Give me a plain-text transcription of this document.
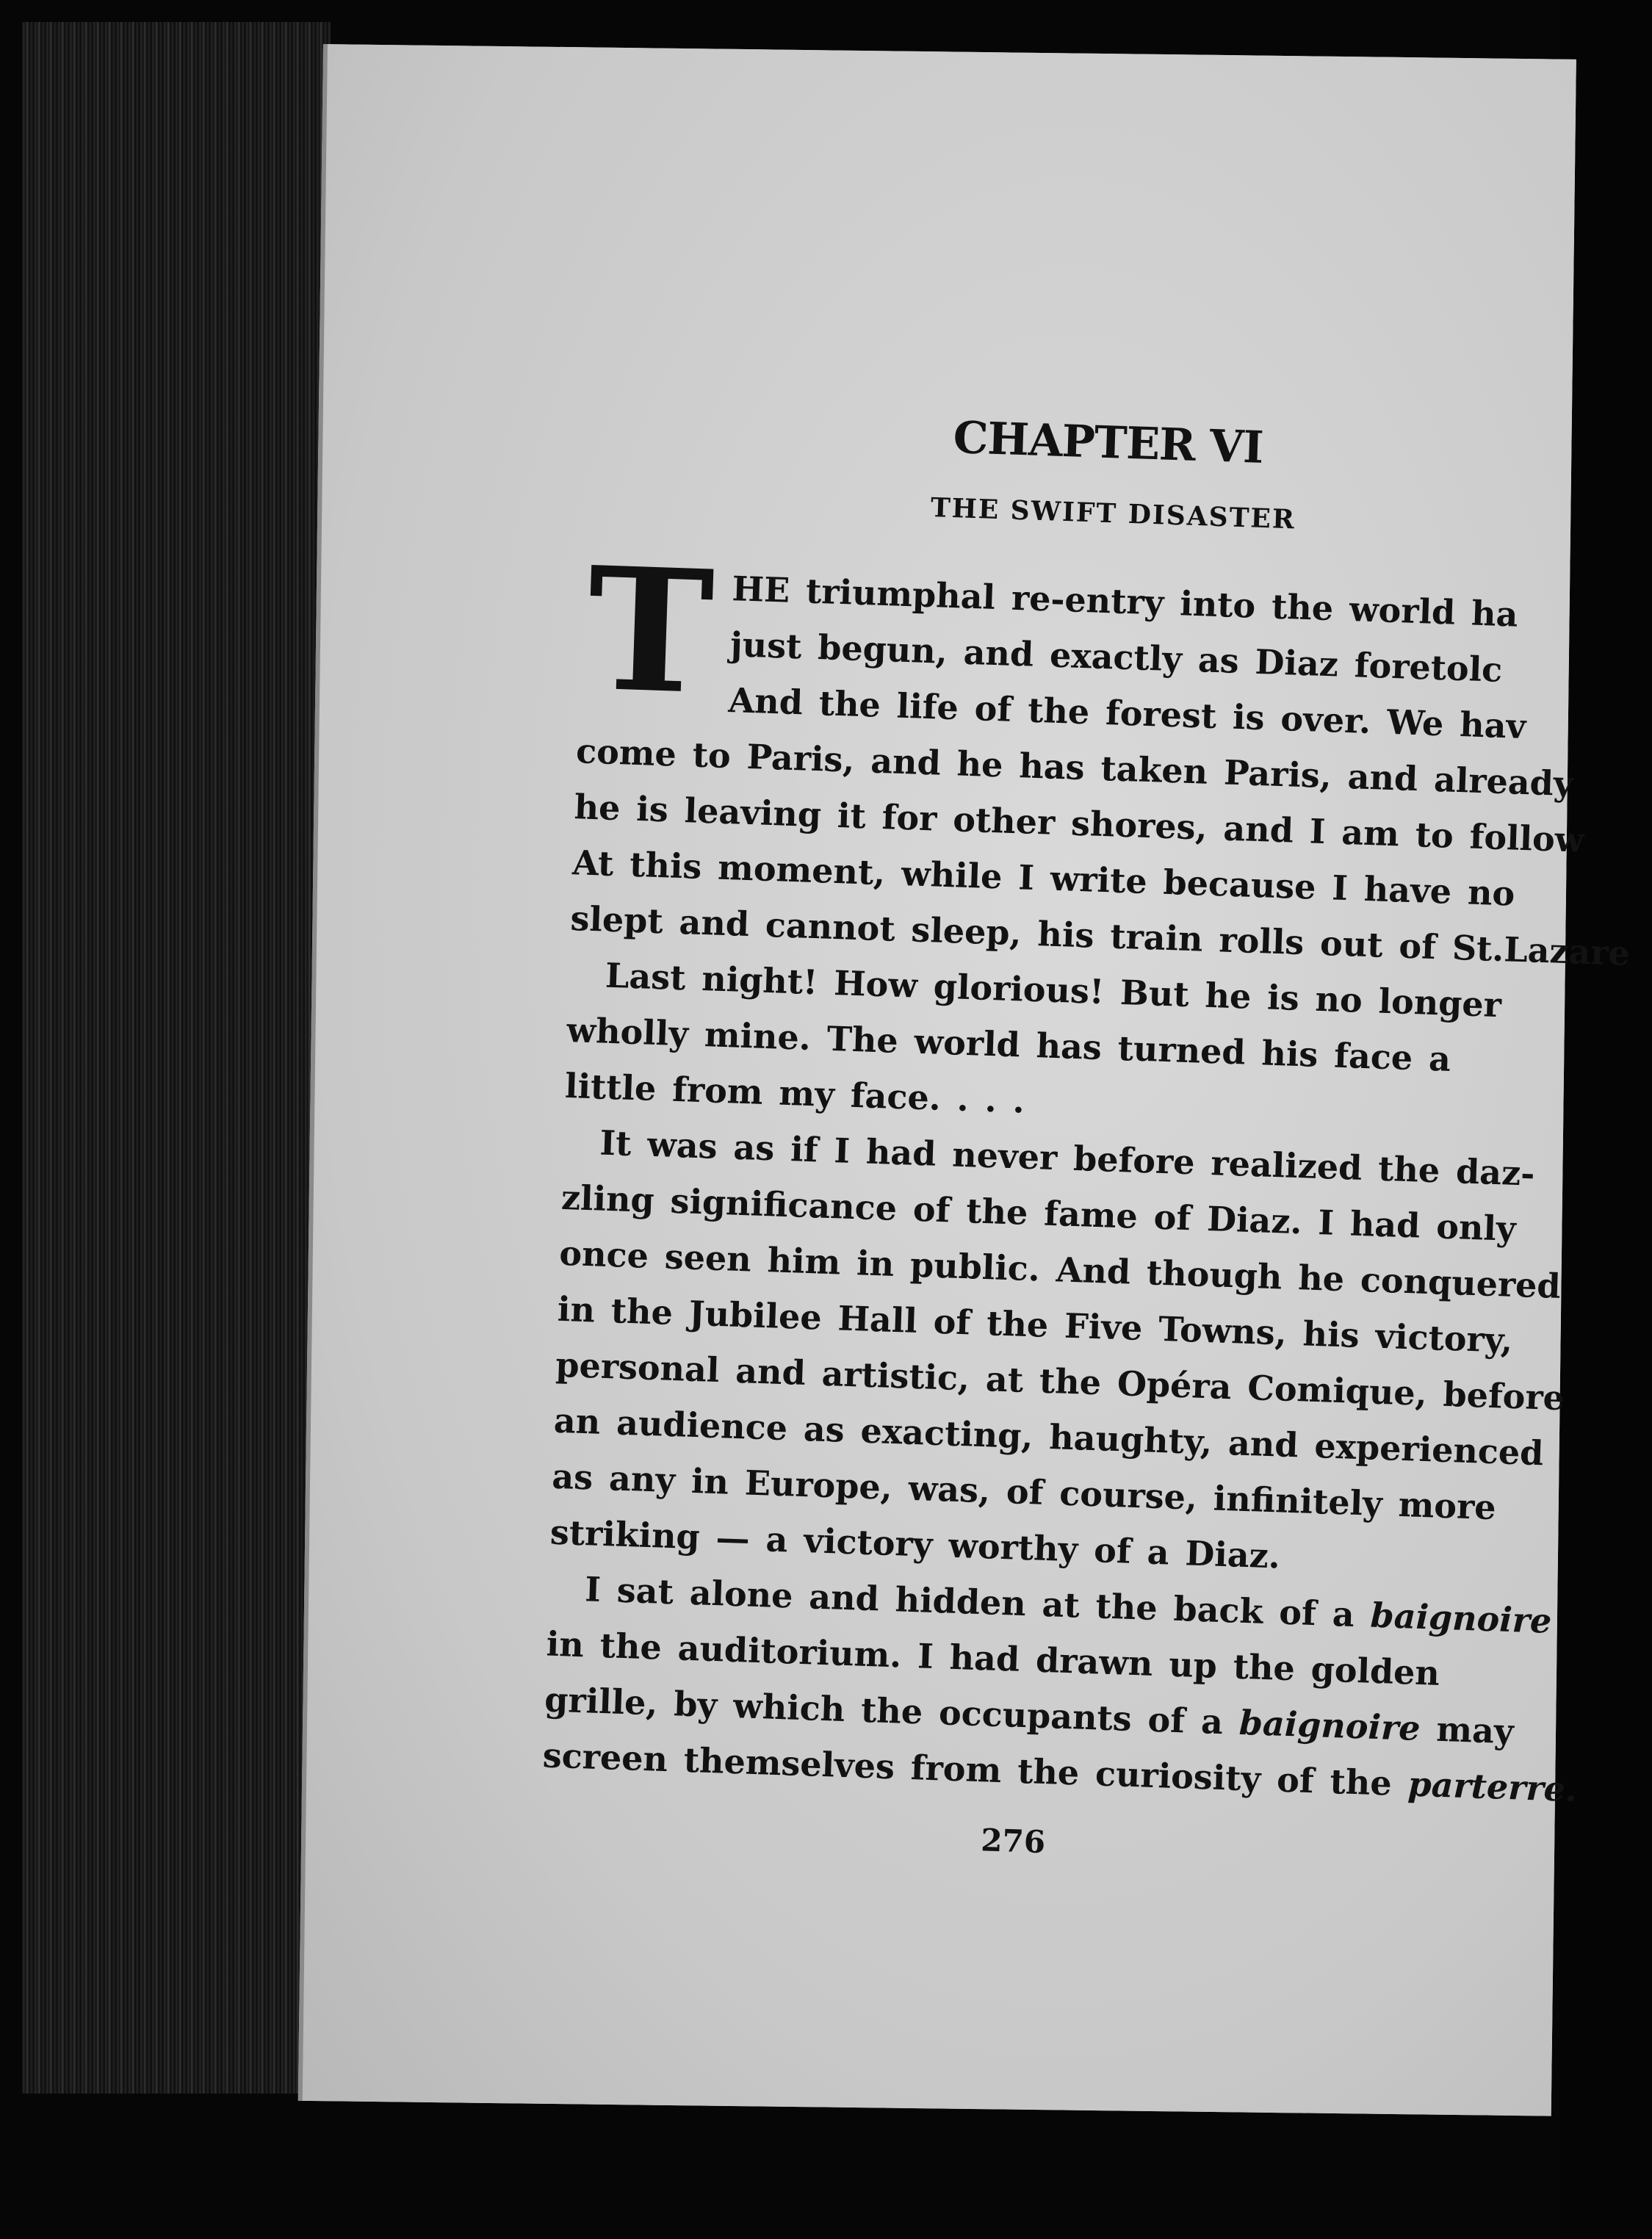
CHAPTER VI
THE SWIFT DISASTER
T HE triumphal re-entry into the world ha
just begun, and exactly as Diaz foretolc
And the life of the forest is over. We hav
come to Paris, and he has taken Paris, and already
he is leaving it for other shores, and I am to follow
At this moment, while I write because I have no
slept and cannot sleep, his train rolls out of St.Lazare
Last night! How glorious! But he is no longer
wholly mine. The world has turned his face a
little from my face. . . .
It was as if I had never before realized the daz-
zling significance of the fame of Diaz. I had only
once seen him in public. And though he conquered
in the Jubilee Hall of the Five Towns, his victory,
personal and artistic, at the Opéra Comique, before
an audience as exacting, haughty, and experienced
as any in Europe, was, of course, infinitely more
striking — a victory worthy of a Diaz.
I sat alone and hidden at the back of a baignoire
in the auditorium. I had drawn up the golden
grille, by which the occupants of a baignoire may
screen themselves from the curiosity of the parterre.
276
